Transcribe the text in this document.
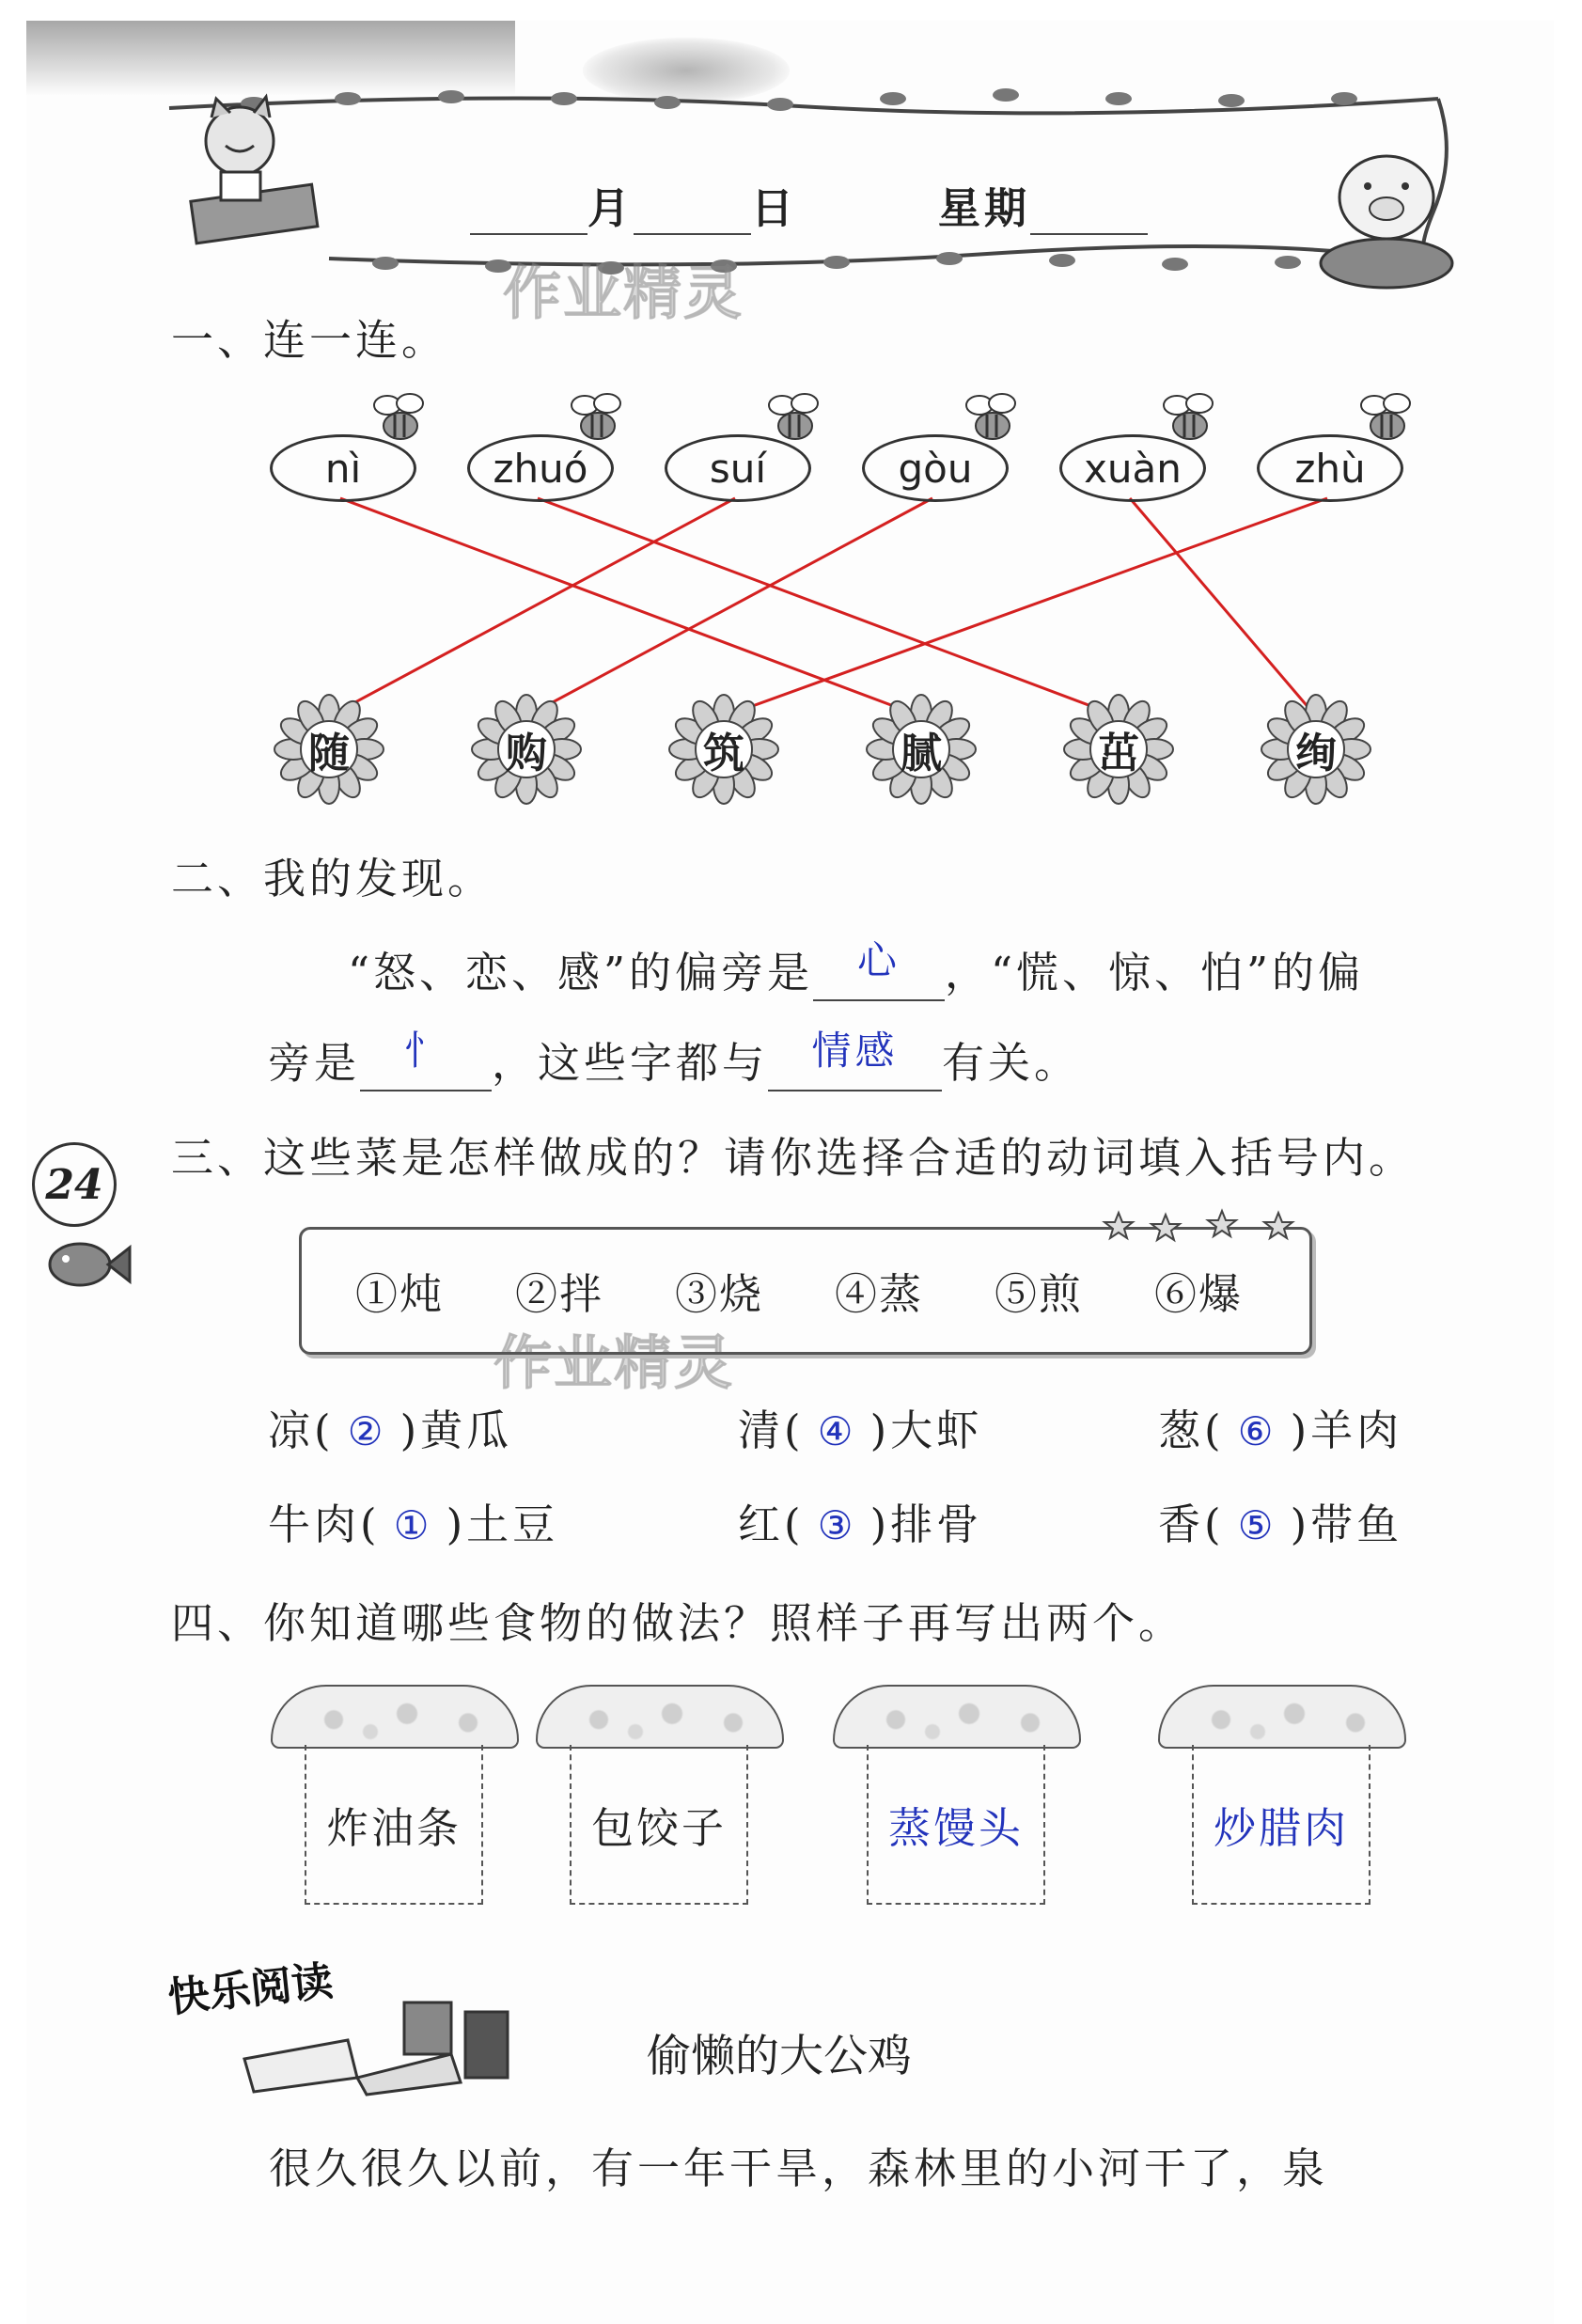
月	日	星期
作业精灵
作业精灵
一、连一连。
nì	zhuó	suí	gòu	xuàn	zhù
随	购	筑	腻	茁	绚
二、我的发现。
“怒、恋、感”的偏旁是 心 ，“慌、惊、怕”的偏
旁是 忄 ，这些字都与 情感 有关。
24
三、这些菜是怎样做成的？请你选择合适的动词填入括号内。
①炖 ②拌 ③烧 ④蒸 ⑤煎 ⑥爆
凉( ② )黄瓜	清( ④ )大虾	葱( ⑥ )羊肉
牛肉( ① )土豆	红( ③ )排骨	香( ⑤ )带鱼
四、你知道哪些食物的做法？照样子再写出两个。
炸油条	包饺子	蒸馒头	炒腊肉
快乐阅读
偷懒的大公鸡
很久很久以前，有一年干旱，森林里的小河干了，泉
